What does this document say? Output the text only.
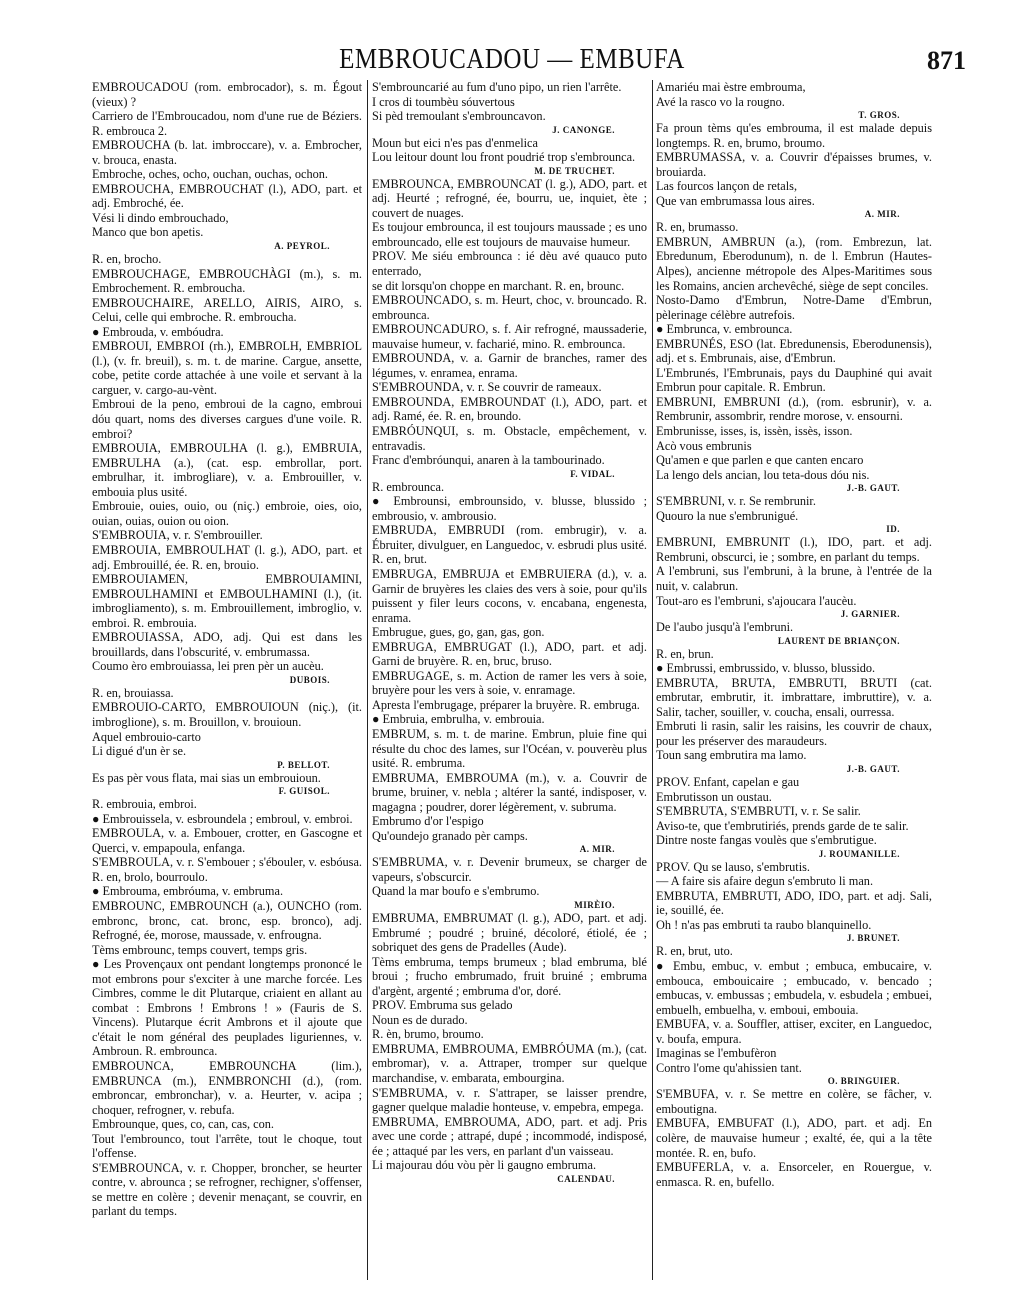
EMBROUCADOU — EMBUFA	871

EMBROUCADOU (rom. embrocador), s. m. Égout (vieux) ?

Carriero de l'Embroucadou, nom d'une rue de Béziers. R. embrouca 2.

EMBROUCHA (b. lat. imbroccare), v. a. Embrocher, v. brouca, enasta.

Embroche, oches, ocho, ouchan, ouchas, ochon.

EMBROUCHA, EMBROUCHAT (l.), ADO, part. et adj. Embroché, ée.

Vési li dindo embrouchado,

Manco que bon apetis.

A. PEYROL.

R. en, brocho.

EMBROUCHAGE, EMBROUCHÀGI (m.), s. m. Embrochement. R. embroucha.

EMBROUCHAIRE, ARELLO, AIRIS, AIRO, s. Celui, celle qui embroche. R. embroucha.

● Embrouda, v. embóudra.

EMBROUI, EMBROI (rh.), EMBROLH, EMBRIOL (l.), (v. fr. breuil), s. m. t. de marine. Cargue, ansette, cobe, petite corde attachée à une voile et servant à la carguer, v. cargo-au-vènt.

Embroui de la peno, embroui de la cagno, embroui dóu quart, noms des diverses cargues d'une voile. R. embroi?

EMBROUIA, EMBROULHA (l. g.), EMBRUIA, EMBRULHA (a.), (cat. esp. embrollar, port. embrulhar, it. imbrogliare), v. a. Embrouiller, v. embouia plus usité.

Embrouie, ouies, ouio, ou (niç.) embroie, oies, oio, ouian, ouias, ouion ou oion.

S'EMBROUIA, v. r. S'embrouiller.

EMBROUIA, EMBROULHAT (l. g.), ADO, part. et adj. Embrouillé, ée. R. en, brouio.

EMBROUIAMEN, EMBROUIAMINI, EMBROULHAMINI et EMBOULHAMINI (l.), (it. imbrogliamento), s. m. Embrouillement, imbroglio, v. embroi. R. embrouia.

EMBROUIASSA, ADO, adj. Qui est dans les brouillards, dans l'obscurité, v. embrumassa.

Coumo èro embrouiassa, lei pren pèr un aucèu.

DUBOIS.

R. en, brouiassa.

EMBROUIO-CARTO, EMBROUIOUN (niç.), (it. imbroglione), s. m. Brouillon, v. brouioun.

Aquel embrouio-carto

Li digué d'un èr se.

P. BELLOT.

Es pas pèr vous flata, mai sias un embrouioun.

F. GUISOL.

R. embrouia, embroi.

● Embrouissela, v. esbroundela ; embroul, v. embroi.

EMBROULA, v. a. Embouer, crotter, en Gascogne et Querci, v. empapoula, enfanga.

S'EMBROULA, v. r. S'embouer ; s'ébouler, v. esbóusa. R. en, brolo, bourroulo.

● Embrouma, embróuma, v. embruma.

EMBROUNC, EMBROUNCH (a.), OUNCHO (rom. embronc, bronc, cat. bronc, esp. broncо), adj. Refrogné, ée, morose, maussade, v. enfrougna.

Tèms embrounc, temps couvert, temps gris.

● Les Provençaux ont pendant longtemps prononcé le mot embrons pour s'exciter à une marche forcée. Les Cimbres, comme le dit Plutarque, criaient en allant au combat : Embrons ! Embrons ! » (Fauris de S. Vincens). Plutarque écrit Ambrons et il ajoute que c'était le nom général des peuplades liguriennes, v. Ambroun. R. embrounca.

EMBROUNCA, EMBROUNCHA (lim.), EMBRUNCA (m.), ENMBRONCHI (d.), (rom. embroncar, embronchar), v. a. Heurter, v. acipa ; choquer, refrogner, v. rebufa.

Embrounque, ques, co, can, cas, con.

Tout l'embrounco, tout l'arrête, tout le choque, tout l'offense.

S'EMBROUNCA, v. r. Chopper, broncher, se heurter contre, v. abrounca ; se refrogner, rechigner, s'offenser, se mettre en colère ; devenir menaçant, se couvrir, en parlant du temps.

S'embrouncarié au fum d'uno pipo, un rien l'arrête.

I cros di toumbèu sóuvertous

Si pèd tremoulant s'embrouncavon.

J. CANONGE.

Moun but eici n'es pas d'enmelica

Lou leitour dount lou front poudrié trop s'embrounca.

M. DE TRUCHET.

EMBROUNCA, EMBROUNCAT (l. g.), ADO, part. et adj. Heurté ; refrogné, ée, bourru, ue, inquiet, ète ; couvert de nuages.

Es toujour embrounca, il est toujours maussade ; es uno embrouncado, elle est toujours de mauvaise humeur.

PROV. Me siéu embrounca : ié dèu avé quauco puto enterrado,

se dit lorsqu'on choppe en marchant. R. en, brounc.

EMBROUNCADO, s. m. Heurt, choc, v. brouncado. R. embrounca.

EMBROUNCADURO, s. f. Air refrogné, maussaderie, mauvaise humeur, v. facharié, mino. R. embrounca.

EMBROUNDA, v. a. Garnir de branches, ramer des légumes, v. enramea, enrama.

S'EMBROUNDA, v. r. Se couvrir de rameaux.

EMBROUNDA, EMBROUNDAT (l.), ADO, part. et adj. Ramé, ée. R. en, broundo.

EMBRÓUNQUI, s. m. Obstacle, empêchement, v. entravadis.

Franc d'embróunqui, anaren à la tambourinado.

F. VIDAL.

R. embrounca.

● Embrounsi, embrounsido, v. blusse, blussido ; embrousio, v. ambrousio.

EMBRUDA, EMBRUDI (rom. embrugir), v. a. Ébruiter, divulguer, en Languedoc, v. esbrudi plus usité. R. en, brut.

EMBRUGA, EMBRUJA et EMBRUIERA (d.), v. a. Garnir de bruyères les claies des vers à soie, pour qu'ils puissent y filer leurs cocons, v. encabana, engenesta, enrama.

Embrugue, gues, go, gan, gas, gon.

EMBRUGA, EMBRUGAT (l.), ADO, part. et adj. Garni de bruyère. R. en, bruc, bruso.

EMBRUGAGE, s. m. Action de ramer les vers à soie, bruyère pour les vers à soie, v. enramage.

Apresta l'embrugage, préparer la bruyère. R. embruga.

● Embruia, embrulha, v. embrouia.

EMBRUM, s. m. t. de marine. Embrun, pluie fine qui résulte du choc des lames, sur l'Océan, v. pouverèu plus usité. R. embruma.

EMBRUMA, EMBROUMA (m.), v. a. Couvrir de brume, bruiner, v. nebla ; altérer la santé, indisposer, v. magagna ; poudrer, dorer légèrement, v. subruma.

Embrumo d'or l'espigo

Qu'oundejo granado pèr camps.

A. MIR.

S'EMBRUMA, v. r. Devenir brumeux, se charger de vapeurs, s'obscurcir.

Quand la mar boufo e s'embrumo.

MIRÈIO.

EMBRUMA, EMBRUMAT (l. g.), ADO, part. et adj. Embrumé ; poudré ; bruiné, décoloré, étiolé, ée ; sobriquet des gens de Pradelles (Aude).

Tèms embruma, temps brumeux ; blad embruma, blé broui ; frucho embrumado, fruit bruiné ; embruma d'argènt, argenté ; embruma d'or, doré.

PROV. Embruma sus gelado

Noun es de durado.

R. èn, brumo, broumo.

EMBRUMA, EMBROUMA, EMBRÓUMA (m.), (cat. embromar), v. a. Attraper, tromper sur quelque marchandise, v. embarata, embourgina.

S'EMBRUMA, v. r. S'attraper, se laisser prendre, gagner quelque maladie honteuse, v. empebra, empega.

EMBRUMA, EMBROUMA, ADO, part. et adj. Pris avec une corde ; attrapé, dupé ; incommodé, indisposé, ée ; attaqué par les vers, en parlant d'un vaisseau.

Li majourau dóu vòu pèr li gaugno embruma.

CALENDAU.

Amariéu mai èstre embrouma,

Avé la rasco vo la rougno.

T. GROS.

Fa proun tèms qu'es embrouma, il est malade depuis longtemps. R. en, brumo, broumo.

EMBRUMASSA, v. a. Couvrir d'épaisses brumes, v. brouiarda.

Las fourcos lançon de retals,

Que van embrumassa lous aires.

A. MIR.

R. en, brumasso.

EMBRUN, AMBRUN (a.), (rom. Embrezun, lat. Ebredunum, Eberodunum), n. de l. Embrun (Hautes-Alpes), ancienne métropole des Alpes-Maritimes sous les Romains, ancien archevêché, siège de sept conciles.

Nosto-Damo d'Embrun, Notre-Dame d'Embrun, pèlerinage célèbre autrefois.

● Embrunca, v. embrounca.

EMBRUNÉS, ESO (lat. Ebredunensis, Eberodunensis), adj. et s. Embrunais, aise, d'Embrun.

L'Embrunés, l'Embrunais, pays du Dauphiné qui avait Embrun pour capitale. R. Embrun.

EMBRUNI, EMBRUNI (d.), (rom. esbrunir), v. a. Rembrunir, assombrir, rendre morose, v. ensourni.

Embrunisse, isses, is, issèn, issès, isson.

Acò vous embrunis

Qu'amen e que parlen e que canten encaro

La lengo dels ancian, lou teta-dous dóu nis.

J.-B. GAUT.

S'EMBRUNI, v. r. Se rembrunir.

Quouro la nue s'embrunigué.

ID.

EMBRUNI, EMBRUNIT (l.), IDO, part. et adj. Rembruni, obscurci, ie ; sombre, en parlant du temps.

A l'embruni, sus l'embruni, à la brune, à l'entrée de la nuit, v. calabrun.

Tout-aro es l'embruni, s'ajoucara l'aucèu.

J. GARNIER.

De l'aubo jusqu'à l'embruni.

LAURENT DE BRIANÇON.

R. en, brun.

● Embrussi, embrussido, v. blusso, blussido.

EMBRUTA, BRUTA, EMBRUTI, BRUTI (cat. embrutar, embrutir, it. imbrattare, imbruttire), v. a. Salir, tacher, souiller, v. coucha, ensali, ourressa.

Embruti li rasin, salir les raisins, les couvrir de chaux, pour les préserver des maraudeurs.

Toun sang embrutira ma lamo.

J.-B. GAUT.

PROV. Enfant, capelan e gau

Embrutisson un oustau.

S'EMBRUTA, S'EMBRUTI, v. r. Se salir.

Aviso-te, que t'embrutiriés, prends garde de te salir.

Dintre noste fangas voulès que s'embrutigue.

J. ROUMANILLE.

PROV. Qu se lauso, s'embrutis.

— A faire sis afaire degun s'embruto li man.

EMBRUTA, EMBRUTI, ADO, IDO, part. et adj. Sali, ie, souillé, ée.

Oh ! n'as pas embruti ta raubo blanquinello.

J. BRUNET.

R. en, brut, uto.

● Embu, embuc, v. embut ; embuca, embucaire, v. embouca, embouicaire ; embucado, v. bencado ; embucas, v. embussas ; embudela, v. esbudela ; embuei, embuelh, embuelha, v. emboui, embouia.

EMBUFA, v. a. Souffler, attiser, exciter, en Languedoc, v. boufa, empura.

Imaginas se l'embufèron

Contro l'ome qu'ahissien tant.

O. BRINGUIER.

S'EMBUFA, v. r. Se mettre en colère, se fâcher, v. emboutigna.

EMBUFA, EMBUFAT (l.), ADO, part. et adj. En colère, de mauvaise humeur ; exalté, ée, qui a la tête montée. R. en, bufo.

EMBUFERLA, v. a. Ensorceler, en Rouergue, v. enmasca. R. en, bufello.
